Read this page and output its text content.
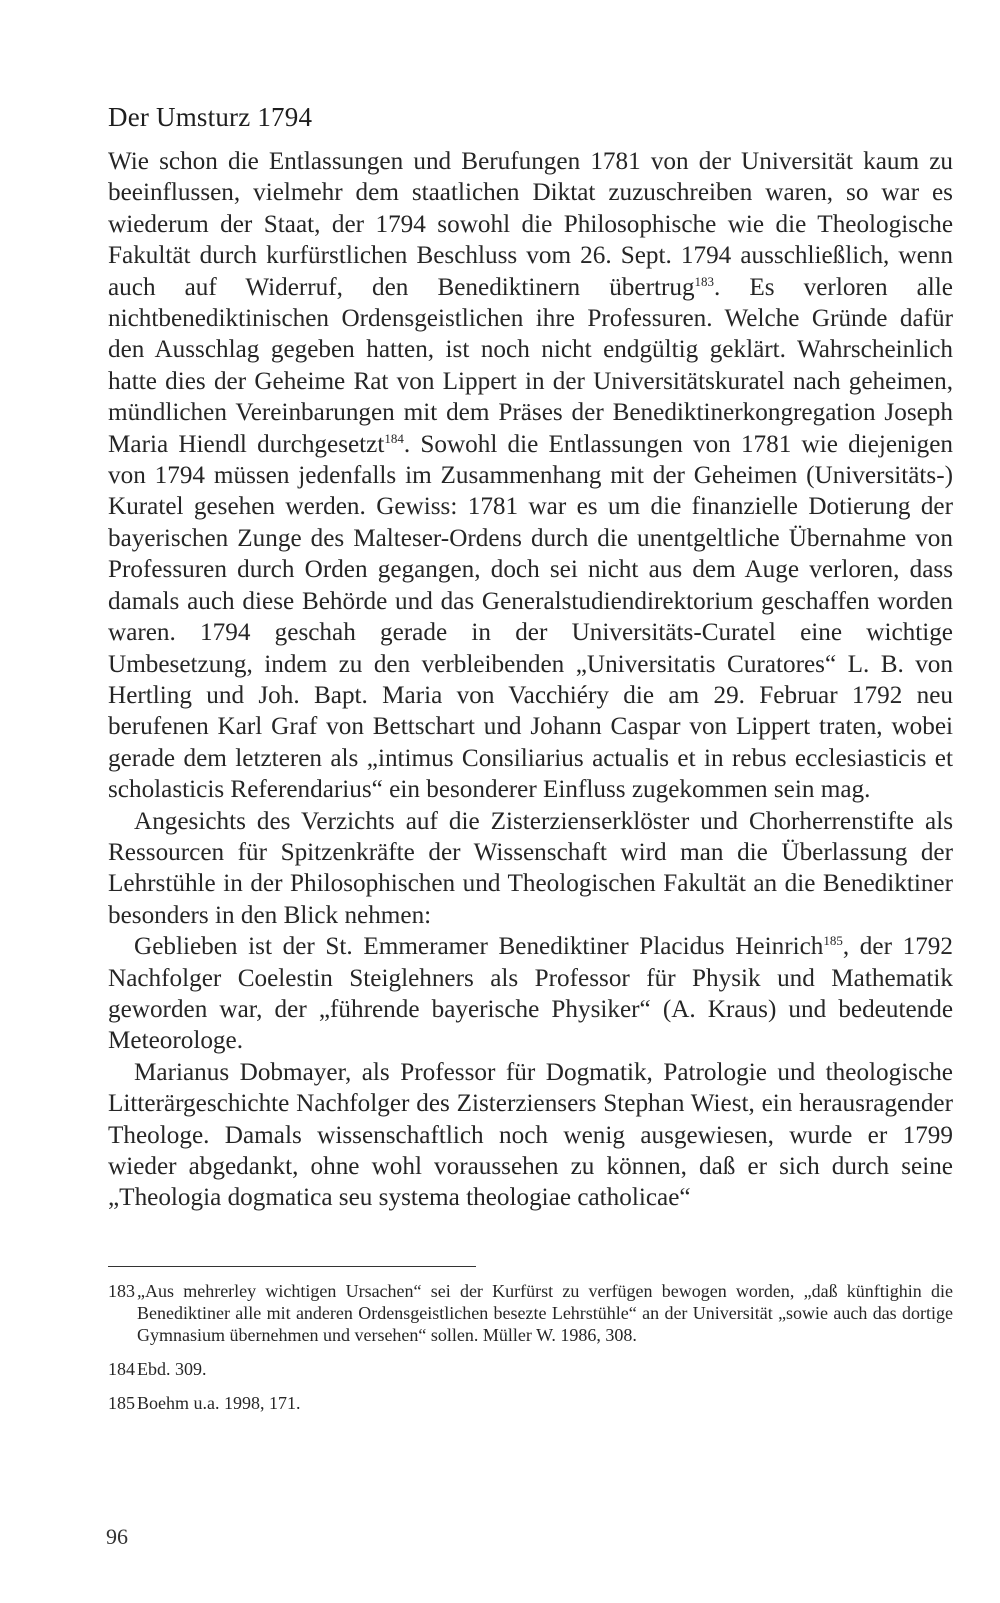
Der Umsturz 1794

Wie schon die Entlassungen und Berufungen 1781 von der Universität kaum zu beeinflussen, vielmehr dem staatlichen Diktat zuzuschreiben waren, so war es wiederum der Staat, der 1794 sowohl die Philosophische wie die Theologische Fakultät durch kurfürstlichen Beschluss vom 26. Sept. 1794 ausschließlich, wenn auch auf Widerruf, den Benediktinern übertrug$^{183}$. Es verloren alle nichtbenediktinischen Ordensgeistlichen ihre Professuren. Welche Gründe dafür den Ausschlag gegeben hatten, ist noch nicht endgültig geklärt. Wahrscheinlich hatte dies der Geheime Rat von Lippert in der Universitätskuratel nach geheimen, mündlichen Vereinbarungen mit dem Präses der Benediktinerkongregation Joseph Maria Hiendl durchgesetzt$^{184}$. Sowohl die Entlassungen von 1781 wie diejenigen von 1794 müssen jedenfalls im Zusammenhang mit der Geheimen (Universitäts-) Kuratel gesehen werden. Gewiss: 1781 war es um die finanzielle Dotierung der bayerischen Zunge des Malteser-Ordens durch die unentgeltliche Übernahme von Professuren durch Orden gegangen, doch sei nicht aus dem Auge verloren, dass damals auch diese Behörde und das Generalstudiendirektorium geschaffen worden waren. 1794 geschah gerade in der Universitäts-Curatel eine wichtige Umbesetzung, indem zu den verbleibenden „Universitatis Curatores“ L. B. von Hertling und Joh. Bapt. Maria von Vacchiéry die am 29. Februar 1792 neu berufenen Karl Graf von Bettschart und Johann Caspar von Lippert traten, wobei gerade dem letzteren als „intimus Consiliarius actualis et in rebus ecclesiasticis et scholasticis Referendarius“ ein besonderer Einfluss zugekommen sein mag.

Angesichts des Verzichts auf die Zisterzienserklöster und Chorherrenstifte als Ressourcen für Spitzenkräfte der Wissenschaft wird man die Überlassung der Lehrstühle in der Philosophischen und Theologischen Fakultät an die Benediktiner besonders in den Blick nehmen:

Geblieben ist der St. Emmeramer Benediktiner Placidus Heinrich$^{185}$, der 1792 Nachfolger Coelestin Steiglehners als Professor für Physik und Mathematik geworden war, der „führende bayerische Physiker“ (A. Kraus) und bedeutende Meteorologe.

Marianus Dobmayer, als Professor für Dogmatik, Patrologie und theologische Litterärgeschichte Nachfolger des Zisterziensers Stephan Wiest, ein herausragender Theologe. Damals wissenschaftlich noch wenig ausgewiesen, wurde er 1799 wieder abgedankt, ohne wohl voraussehen zu können, daß er sich durch seine „Theologia dogmatica seu systema theologiae catholicae“

183 „Aus mehrerley wichtigen Ursachen“ sei der Kurfürst zu verfügen bewogen worden, „daß künftighin die Benediktiner alle mit anderen Ordensgeistlichen besezte Lehrstühle“ an der Universität „sowie auch das dortige Gymnasium übernehmen und versehen“ sollen. Müller W. 1986, 308.
184 Ebd. 309.
185 Boehm u.a. 1998, 171.
96
